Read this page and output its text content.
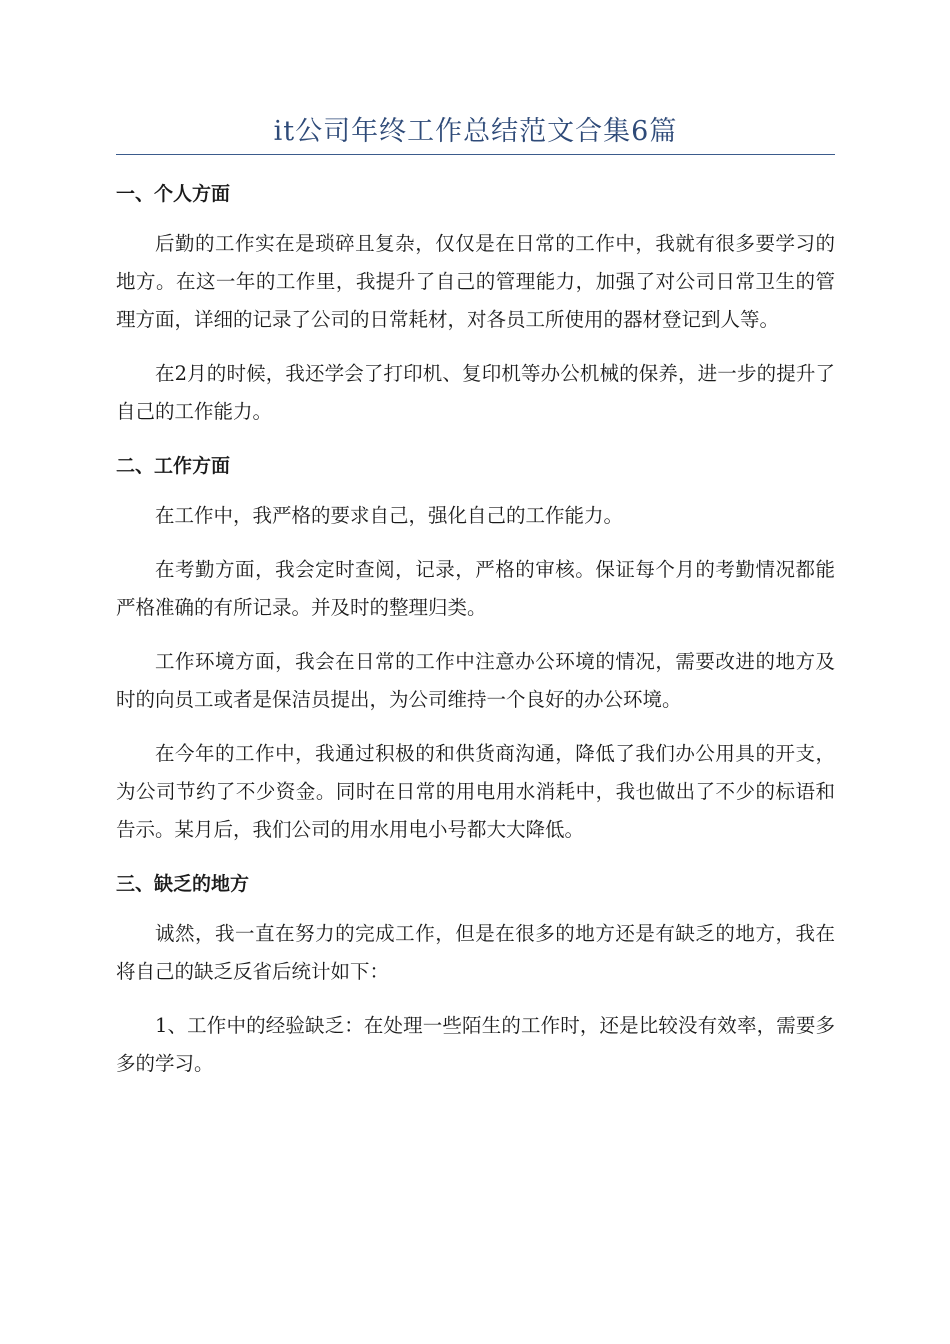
it公司年终工作总结范文合集6篇
一、个人方面

后勤的工作实在是琐碎且复杂，仅仅是在日常的工作中，我就有很多要学习的地方。在这一年的工作里，我提升了自己的管理能力，加强了对公司日常卫生的管理方面，详细的记录了公司的日常耗材，对各员工所使用的器材登记到人等。

在2月的时候，我还学会了打印机、复印机等办公机械的保养，进一步的提升了自己的工作能力。

二、工作方面

在工作中，我严格的要求自己，强化自己的工作能力。

在考勤方面，我会定时查阅，记录，严格的审核。保证每个月的考勤情况都能严格准确的有所记录。并及时的整理归类。

工作环境方面，我会在日常的工作中注意办公环境的情况，需要改进的地方及时的向员工或者是保洁员提出，为公司维持一个良好的办公环境。

在今年的工作中，我通过积极的和供货商沟通，降低了我们办公用具的开支，为公司节约了不少资金。同时在日常的用电用水消耗中，我也做出了不少的标语和告示。某月后，我们公司的用水用电小号都大大降低。

三、缺乏的地方

诚然，我一直在努力的完成工作，但是在很多的地方还是有缺乏的地方，我在将自己的缺乏反省后统计如下：

1、工作中的经验缺乏：在处理一些陌生的工作时，还是比较没有效率，需要多多的学习。
